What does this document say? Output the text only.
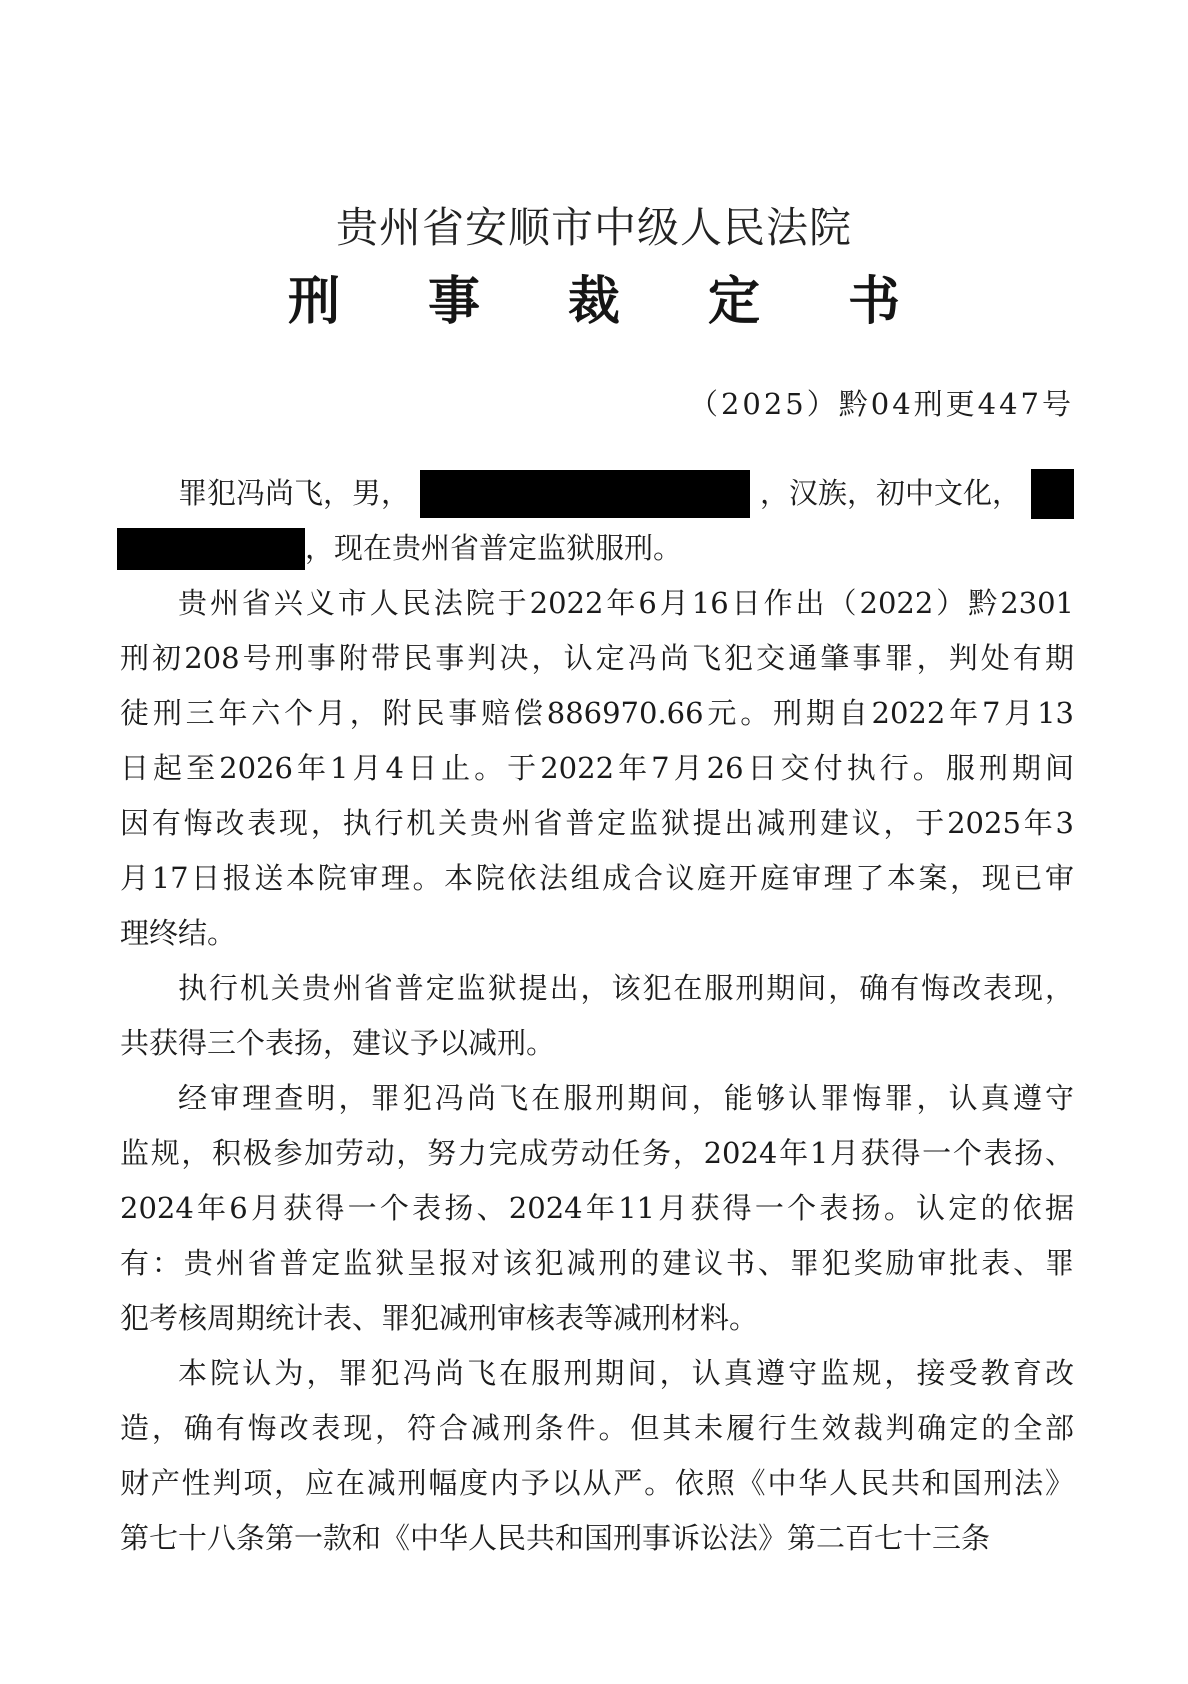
贵州省安顺市中级人民法院
刑	事	裁	定	书
（2025）黔04刑更447号
罪犯冯尚飞，男，	，汉族，初中文化，
，现在贵州省普定监狱服刑。
贵州省兴义市人民法院于2022年6月16日作出（2022）黔2301
刑初208号刑事附带民事判决，认定冯尚飞犯交通肇事罪，判处有期
徒刑三年六个月，附民事赔偿886970.66元。刑期自2022年7月13
日起至2026年1月4日止。于2022年7月26日交付执行。服刑期间
因有悔改表现，执行机关贵州省普定监狱提出减刑建议，于2025年3
月17日报送本院审理。本院依法组成合议庭开庭审理了本案，现已审
理终结。
执行机关贵州省普定监狱提出，该犯在服刑期间，确有悔改表现，
共获得三个表扬，建议予以减刑。
经审理查明，罪犯冯尚飞在服刑期间，能够认罪悔罪，认真遵守
监规，积极参加劳动，努力完成劳动任务，2024年1月获得一个表扬、
2024年6月获得一个表扬、2024年11月获得一个表扬。认定的依据
有：贵州省普定监狱呈报对该犯减刑的建议书、罪犯奖励审批表、罪
犯考核周期统计表、罪犯减刑审核表等减刑材料。
本院认为，罪犯冯尚飞在服刑期间，认真遵守监规，接受教育改
造，确有悔改表现，符合减刑条件。但其未履行生效裁判确定的全部
财产性判项，应在减刑幅度内予以从严。依照《中华人民共和国刑法》
第七十八条第一款和《中华人民共和国刑事诉讼法》第二百七十三条
